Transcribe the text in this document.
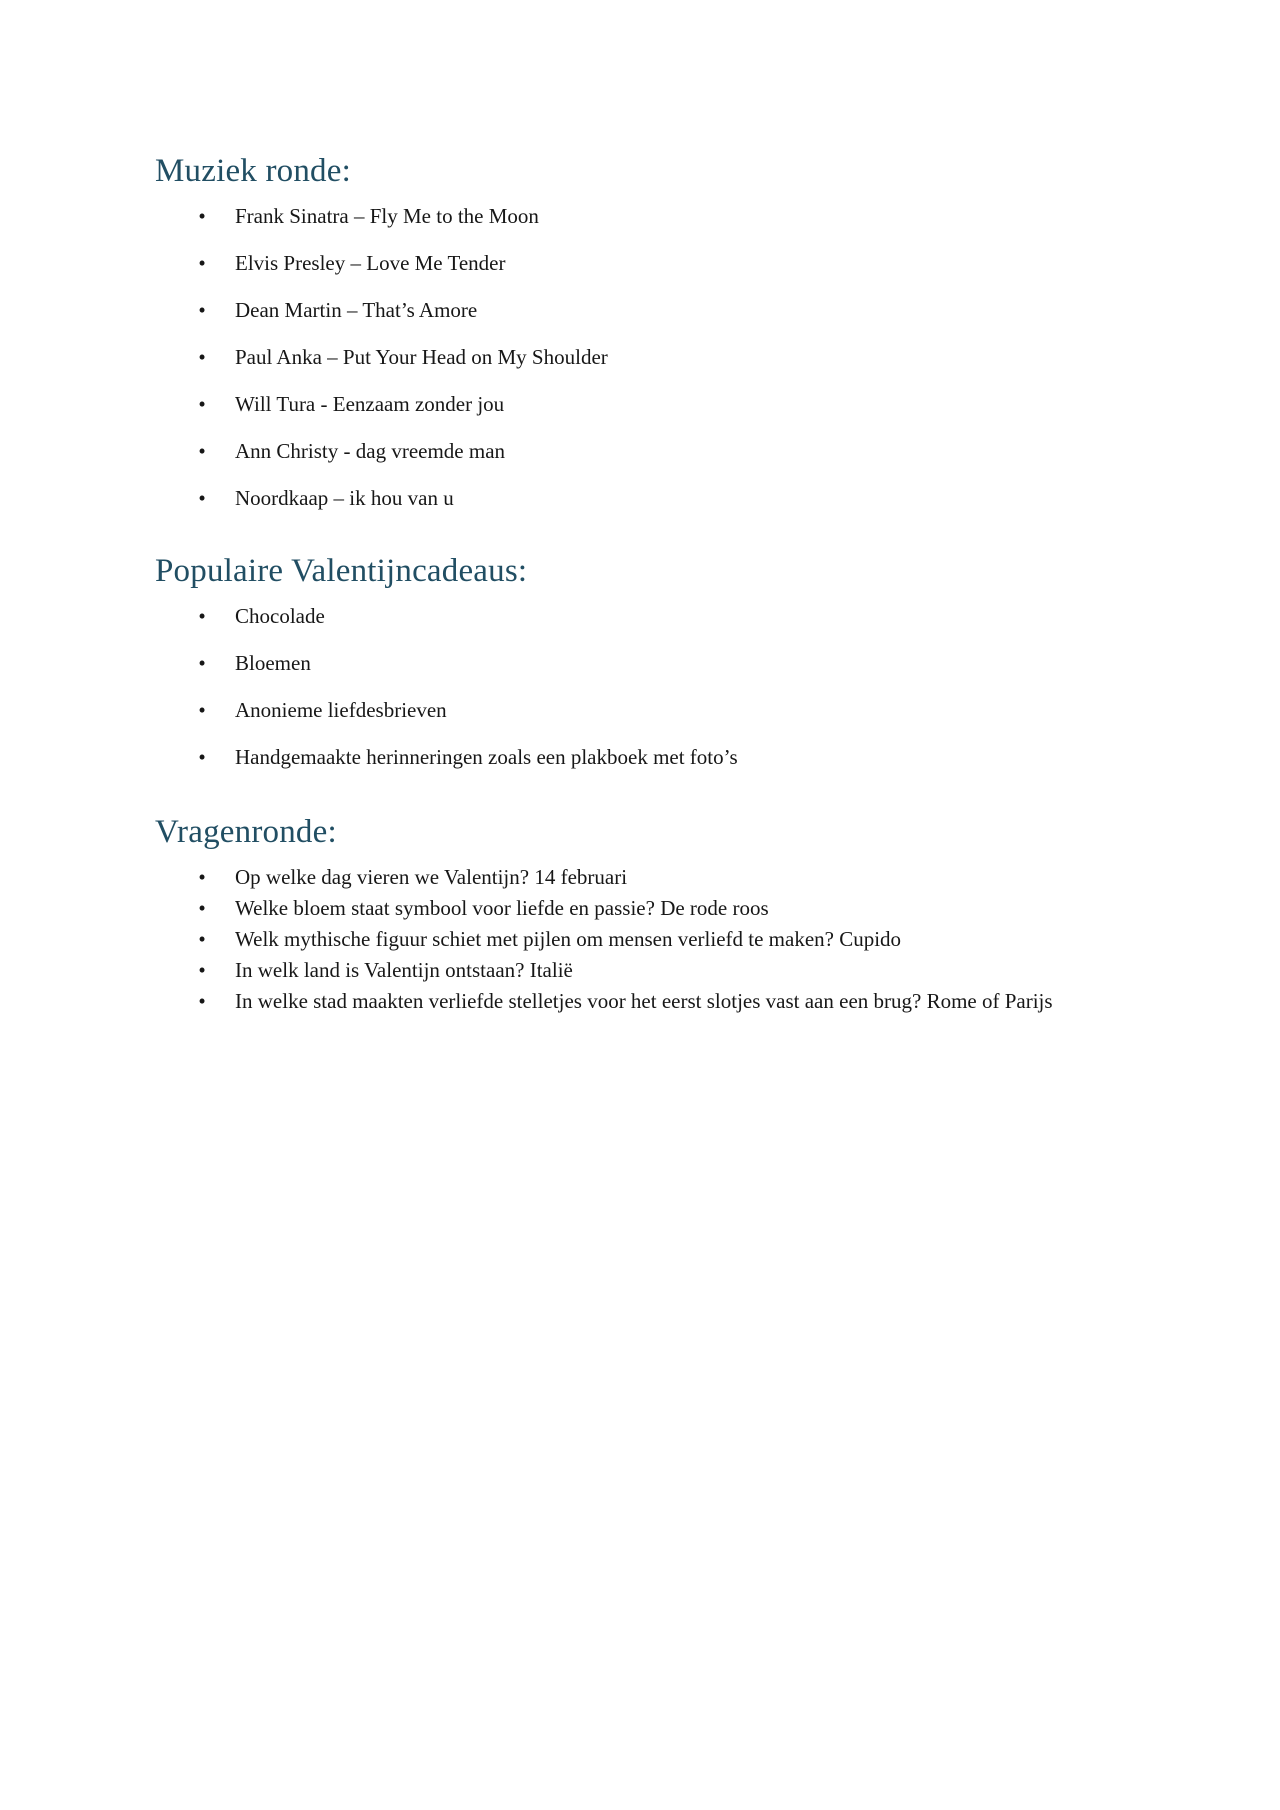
Muziek ronde:
• Frank Sinatra – Fly Me to the Moon
• Elvis Presley – Love Me Tender
• Dean Martin – That’s Amore
• Paul Anka – Put Your Head on My Shoulder
• Will Tura - Eenzaam zonder jou
• Ann Christy - dag vreemde man
• Noordkaap – ik hou van u
Populaire Valentijncadeaus:
• Chocolade
• Bloemen
• Anonieme liefdesbrieven
• Handgemaakte herinneringen zoals een plakboek met foto’s
Vragenronde:
• Op welke dag vieren we Valentijn? 14 februari
• Welke bloem staat symbool voor liefde en passie? De rode roos
• Welk mythische figuur schiet met pijlen om mensen verliefd te maken? Cupido
• In welk land is Valentijn ontstaan? Italië
• In welke stad maakten verliefde stelletjes voor het eerst slotjes vast aan een brug? Rome of Parijs
